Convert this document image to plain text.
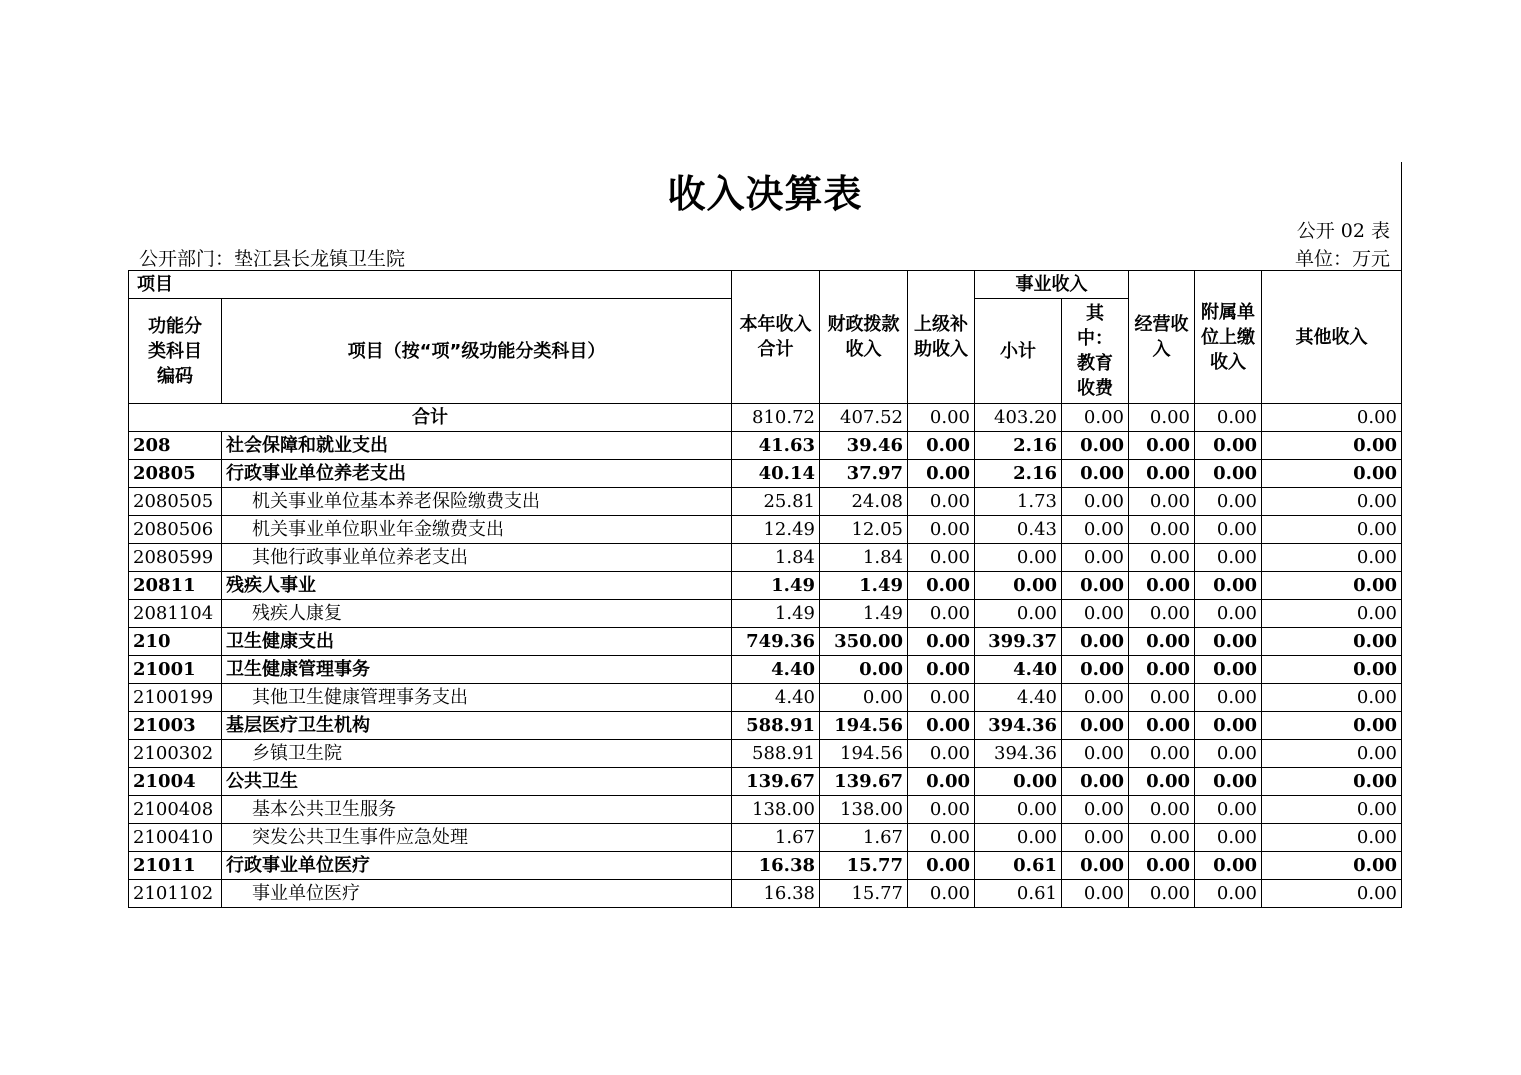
收入决算表
公开 02 表
公开部门：垫江县长龙镇卫生院	单位：万元
项目		本年收入合计	财政拨款收入	上级补助收入	事业收入		经营收入	附属单位上缴收入	其他收入
功能分类科目编码	项目（按“项”级功能分类科目）				小计	其中：教育收费			
合计		810.72	407.52	0.00	403.20	0.00	0.00	0.00	0.00
208	社会保障和就业支出	41.63	39.46	0.00	2.16	0.00	0.00	0.00	0.00
20805	行政事业单位养老支出	40.14	37.97	0.00	2.16	0.00	0.00	0.00	0.00
2080505	机关事业单位基本养老保险缴费支出	25.81	24.08	0.00	1.73	0.00	0.00	0.00	0.00
2080506	机关事业单位职业年金缴费支出	12.49	12.05	0.00	0.43	0.00	0.00	0.00	0.00
2080599	其他行政事业单位养老支出	1.84	1.84	0.00	0.00	0.00	0.00	0.00	0.00
20811	残疾人事业	1.49	1.49	0.00	0.00	0.00	0.00	0.00	0.00
2081104	残疾人康复	1.49	1.49	0.00	0.00	0.00	0.00	0.00	0.00
210	卫生健康支出	749.36	350.00	0.00	399.37	0.00	0.00	0.00	0.00
21001	卫生健康管理事务	4.40	0.00	0.00	4.40	0.00	0.00	0.00	0.00
2100199	其他卫生健康管理事务支出	4.40	0.00	0.00	4.40	0.00	0.00	0.00	0.00
21003	基层医疗卫生机构	588.91	194.56	0.00	394.36	0.00	0.00	0.00	0.00
2100302	乡镇卫生院	588.91	194.56	0.00	394.36	0.00	0.00	0.00	0.00
21004	公共卫生	139.67	139.67	0.00	0.00	0.00	0.00	0.00	0.00
2100408	基本公共卫生服务	138.00	138.00	0.00	0.00	0.00	0.00	0.00	0.00
2100410	突发公共卫生事件应急处理	1.67	1.67	0.00	0.00	0.00	0.00	0.00	0.00
21011	行政事业单位医疗	16.38	15.77	0.00	0.61	0.00	0.00	0.00	0.00
2101102	事业单位医疗	16.38	15.77	0.00	0.61	0.00	0.00	0.00	0.00
